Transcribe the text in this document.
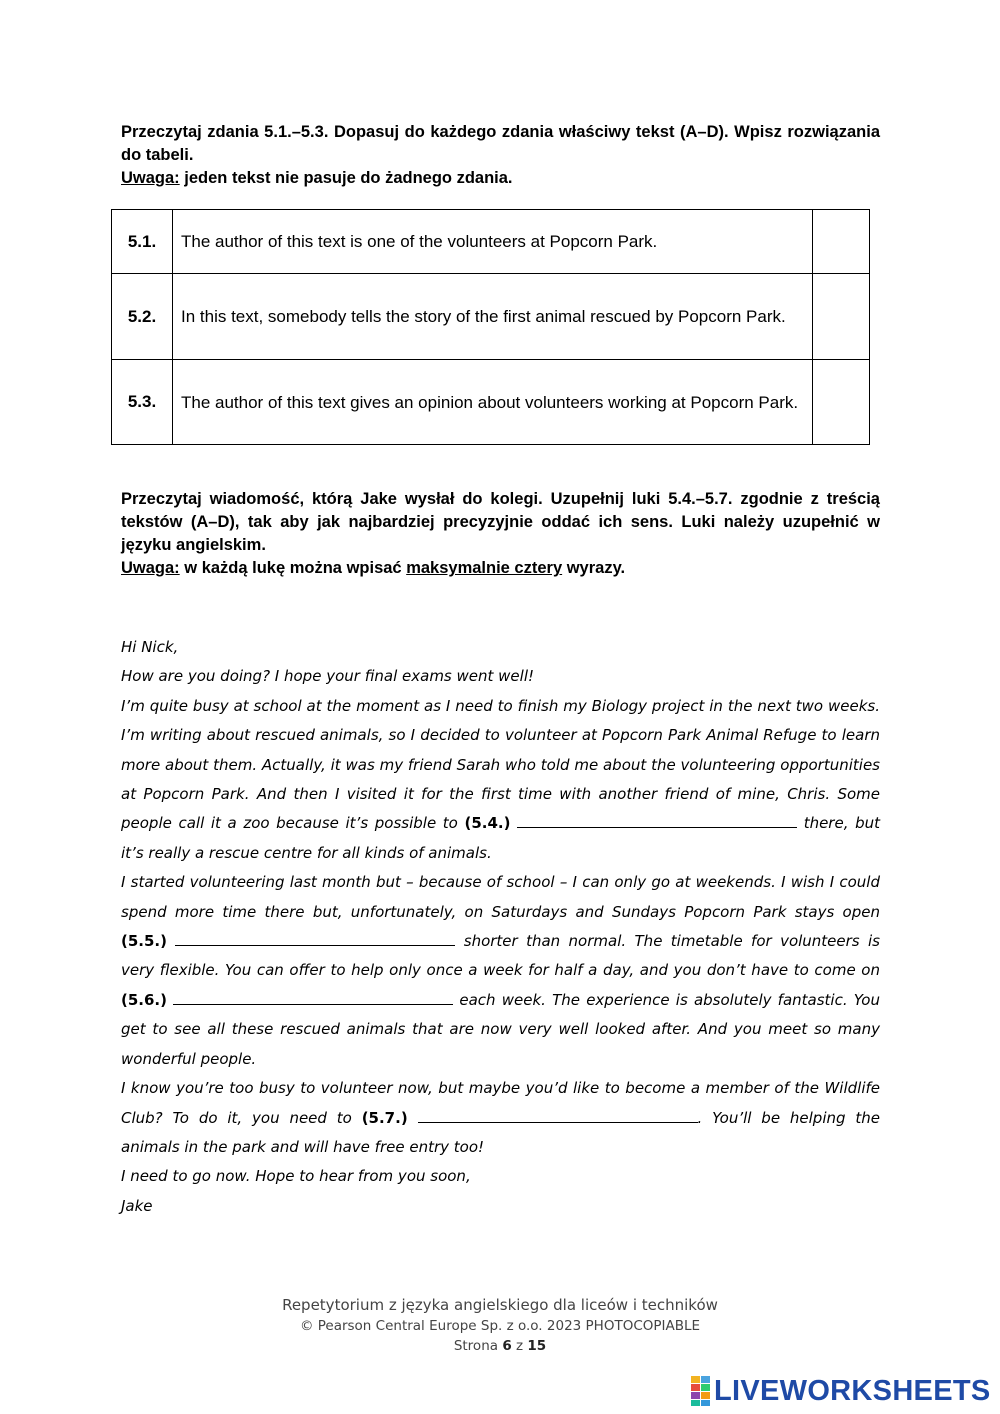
Przeczytaj zdania 5.1.–5.3. Dopasuj do każdego zdania właściwy tekst (A–D). Wpisz rozwiązania do tabeli.
Uwaga: jeden tekst nie pasuje do żadnego zdania.
5.1.	The author of this text is one of the volunteers at Popcorn Park.	
5.2.	In this text, somebody tells the story of the first animal rescued by Popcorn Park.	
5.3.	The author of this text gives an opinion about volunteers working at Popcorn Park.	
Przeczytaj wiadomość, którą Jake wysłał do kolegi. Uzupełnij luki 5.4.–5.7. zgodnie z treścią tekstów (A–D), tak aby jak najbardziej precyzyjnie oddać ich sens. Luki należy uzupełnić w języku angielskim.
Uwaga: w każdą lukę można wpisać maksymalnie cztery wyrazy.

Hi Nick,

How are you doing? I hope your final exams went well!

I’m quite busy at school at the moment as I need to finish my Biology project in the next two weeks. I’m writing about rescued animals, so I decided to volunteer at Popcorn Park Animal Refuge to learn more about them. Actually, it was my friend Sarah who told me about the volunteering opportunities at Popcorn Park. And then I visited it for the first time with another friend of mine, Chris. Some people call it a zoo because it’s possible to (5.4.)	there, but it’s really a rescue centre for all kinds of animals.

I started volunteering last month but – because of school – I can only go at weekends. I wish I could spend more time there but, unfortunately, on Saturdays and Sundays Popcorn Park stays open (5.5.)	shorter than normal. The timetable for volunteers is very flexible. You can offer to help only once a week for half a day, and you don’t have to come on (5.6.)	each week. The experience is absolutely fantastic. You get to see all these rescued animals that are now very well looked after. And you meet so many wonderful people.

I know you’re too busy to volunteer now, but maybe you’d like to become a member of the Wildlife Club? To do it, you need to (5.7.)	. You’ll be helping the animals in the park and will have free entry too!

I need to go now. Hope to hear from you soon,

Jake

Repetytorium z języka angielskiego dla liceów i techników
© Pearson Central Europe Sp. z o.o. 2023 PHOTOCOPIABLE
Strona 6 z 15
LIVEWORKSHEETS
